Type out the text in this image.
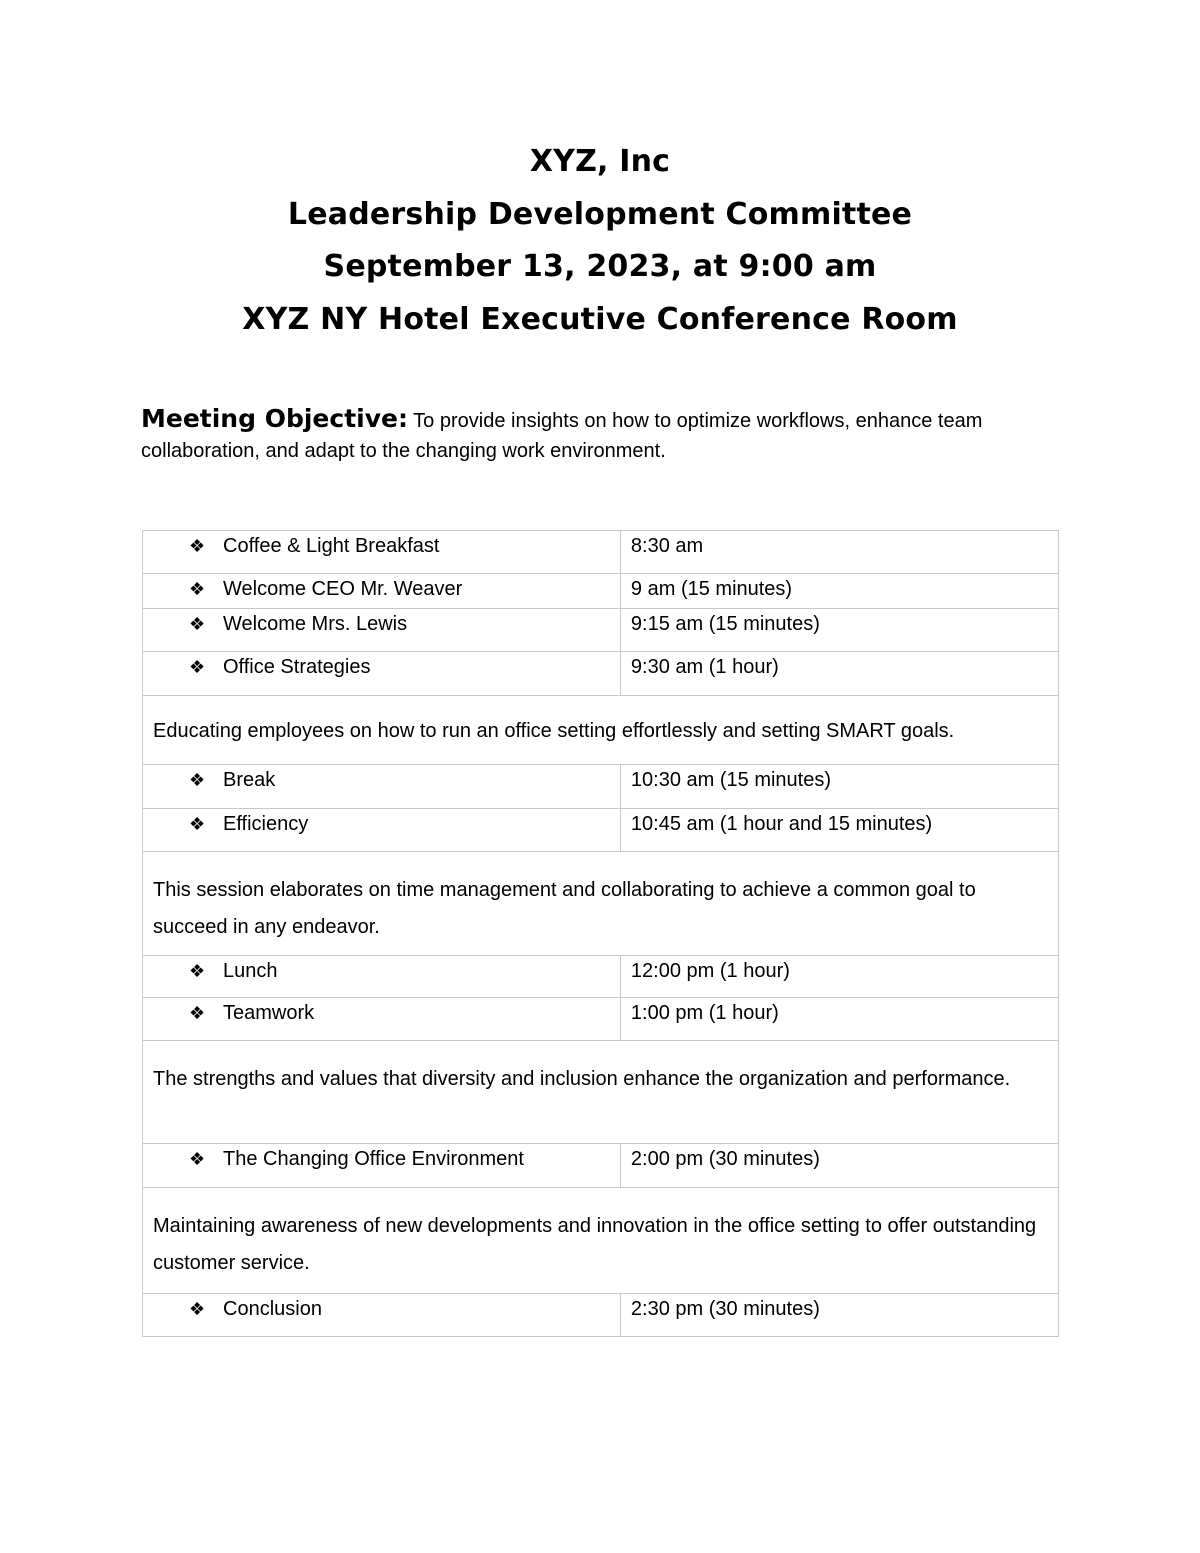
XYZ, Inc
Leadership Development Committee
September 13, 2023, at 9:00 am
XYZ NY Hotel Executive Conference Room
Meeting Objective: To provide insights on how to optimize workflows, enhance team collaboration, and adapt to the changing work environment.
❖ Coffee & Light Breakfast	8:30 am

❖ Welcome CEO Mr. Weaver	9 am (15 minutes)

❖ Welcome Mrs. Lewis	9:15 am (15 minutes)

❖ Office Strategies	9:30 am (1 hour)
Educating employees on how to run an office setting effortlessly and setting SMART goals.	

❖ Break	10:30 am (15 minutes)

❖ Efficiency	10:45 am (1 hour and 15 minutes)
This session elaborates on time management and collaborating to achieve a common goal to succeed in any endeavor.	

❖ Lunch	12:00 pm (1 hour)

❖ Teamwork	1:00 pm (1 hour)
The strengths and values that diversity and inclusion enhance the organization and performance.	

❖ The Changing Office Environment	2:00 pm (30 minutes)
Maintaining awareness of new developments and innovation in the office setting to offer outstanding customer service.	

❖ Conclusion	2:30 pm (30 minutes)
